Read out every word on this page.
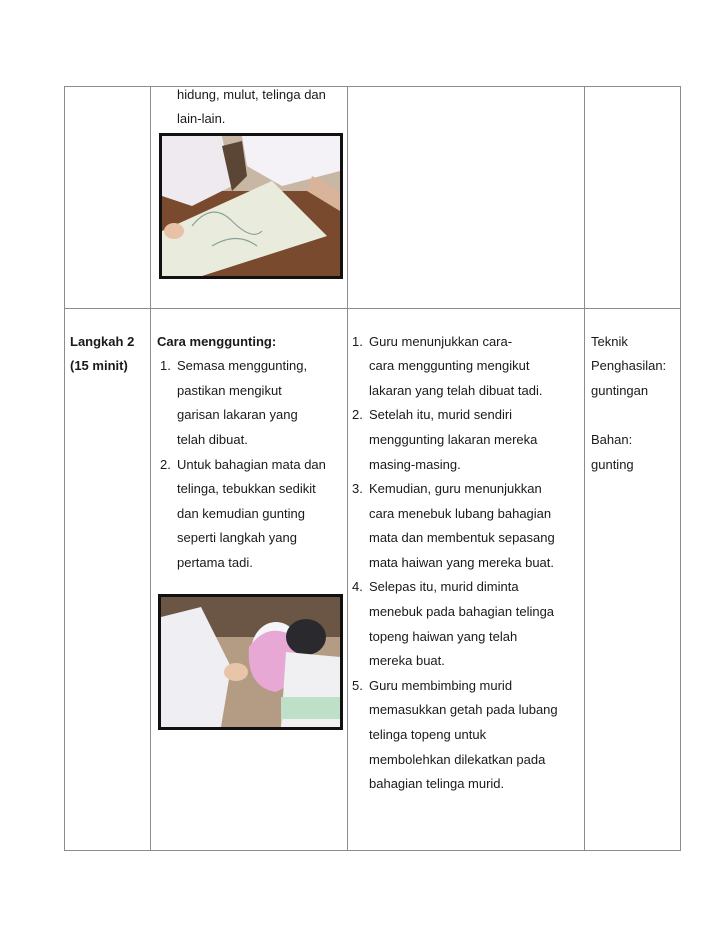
hidung, mulut, telinga dan
lain-lain.
Langkah 2
(15 minit)
Cara menggunting:
1. Semasa menggunting,
pastikan mengikut
garisan lakaran yang
telah dibuat.
2. Untuk bahagian mata dan
telinga, tebukkan sedikit
dan kemudian gunting
seperti langkah yang
pertama tadi.
1. Guru menunjukkan cara-
cara menggunting mengikut
lakaran yang telah dibuat tadi.
2. Setelah itu, murid sendiri
menggunting lakaran mereka
masing-masing.
3. Kemudian, guru menunjukkan
cara menebuk lubang bahagian
mata dan membentuk sepasang
mata haiwan yang mereka buat.
4. Selepas itu, murid diminta
menebuk pada bahagian telinga
topeng haiwan yang telah
mereka buat.
5. Guru membimbing murid
memasukkan getah pada lubang
telinga topeng untuk
membolehkan dilekatkan pada
bahagian telinga murid.
Teknik
Penghasilan:
guntingan
Bahan:
gunting
